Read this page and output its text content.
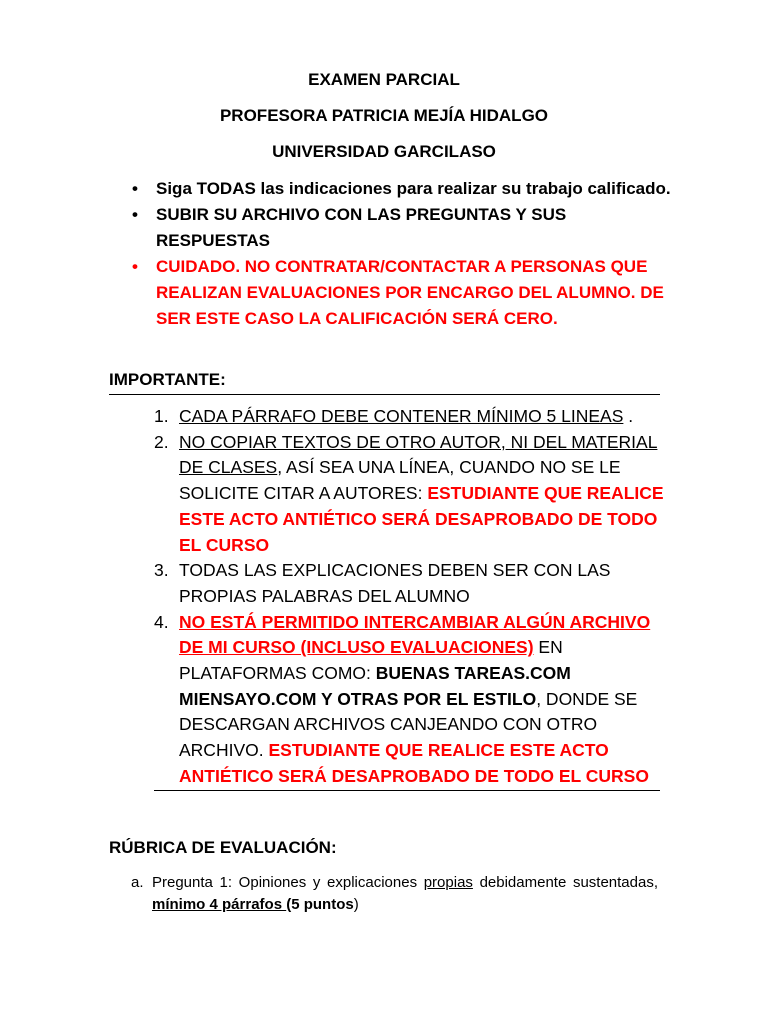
EXAMEN PARCIAL
PROFESORA PATRICIA MEJÍA HIDALGO
UNIVERSIDAD GARCILASO
• Siga TODAS las indicaciones para realizar su trabajo calificado.
• SUBIR SU ARCHIVO CON LAS PREGUNTAS Y SUS RESPUESTAS
• CUIDADO. NO CONTRATAR/CONTACTAR A PERSONAS QUE REALIZAN EVALUACIONES POR ENCARGO DEL ALUMNO. DE SER ESTE CASO LA CALIFICACIÓN SERÁ CERO.
IMPORTANTE:
1. CADA PÁRRAFO DEBE CONTENER MÍNIMO 5 LINEAS .
2. NO COPIAR TEXTOS DE OTRO AUTOR, NI DEL MATERIAL DE CLASES, ASÍ SEA UNA LÍNEA, CUANDO NO SE LE SOLICITE CITAR A AUTORES: ESTUDIANTE QUE REALICE ESTE ACTO ANTIÉTICO SERÁ DESAPROBADO DE TODO EL CURSO
3. TODAS LAS EXPLICACIONES DEBEN SER CON LAS PROPIAS PALABRAS DEL ALUMNO
4. NO ESTÁ PERMITIDO INTERCAMBIAR ALGÚN ARCHIVO DE MI CURSO (INCLUSO EVALUACIONES) EN PLATAFORMAS COMO: BUENAS TAREAS.COM MIENSAYO.COM Y OTRAS POR EL ESTILO, DONDE SE DESCARGAN ARCHIVOS CANJEANDO CON OTRO ARCHIVO. ESTUDIANTE QUE REALICE ESTE ACTO ANTIÉTICO SERÁ DESAPROBADO DE TODO EL CURSO
RÚBRICA DE EVALUACIÓN:
a. Pregunta 1: Opiniones y explicaciones propias debidamente sustentadas, mínimo 4 párrafos (5 puntos)
